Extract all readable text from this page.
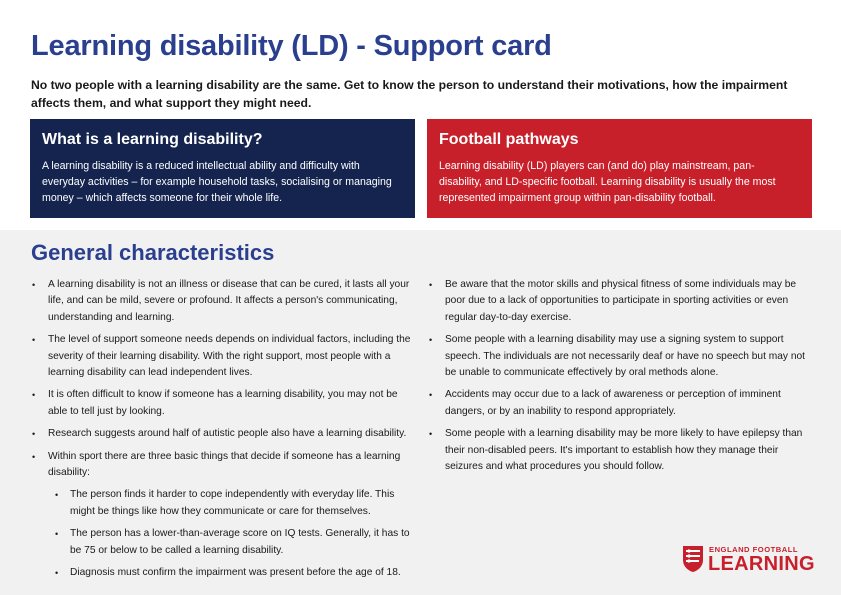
Learning disability (LD) - Support card

No two people with a learning disability are the same. Get to know the person to understand their motivations, how the impairment affects them, and what support they might need.

What is a learning disability?

A learning disability is a reduced intellectual ability and difficulty with everyday activities – for example household tasks, socialising or managing money – which affects someone for their whole life.

Football pathways

Learning disability (LD) players can (and do) play mainstream, pan-disability, and LD-specific football. Learning disability is usually the most represented impairment group within pan-disability football.

General characteristics
• A learning disability is not an illness or disease that can be cured, it lasts all your life, and can be mild, severe or profound. It affects a person's communicating, understanding and learning.
• The level of support someone needs depends on individual factors, including the severity of their learning disability. With the right support, most people with a learning disability can lead independent lives.
• It is often difficult to know if someone has a learning disability, you may not be able to tell just by looking.
• Research suggests around half of autistic people also have a learning disability.
• Within sport there are three basic things that decide if someone has a learning disability:
• The person finds it harder to cope independently with everyday life. This might be things like how they communicate or care for themselves.
• The person has a lower-than-average score on IQ tests. Generally, it has to be 75 or below to be called a learning disability.
• Diagnosis must confirm the impairment was present before the age of 18.
• Be aware that the motor skills and physical fitness of some individuals may be poor due to a lack of opportunities to participate in sporting activities or even regular day-to-day exercise.
• Some people with a learning disability may use a signing system to support speech. The individuals are not necessarily deaf or have no speech but may not be unable to communicate effectively by oral methods alone.
• Accidents may occur due to a lack of awareness or perception of imminent dangers, or by an inability to respond appropriately.
• Some people with a learning disability may be more likely to have epilepsy than their non-disabled peers. It's important to establish how they manage their seizures and what procedures you should follow.
ENGLAND FOOTBALL
LEARNING
